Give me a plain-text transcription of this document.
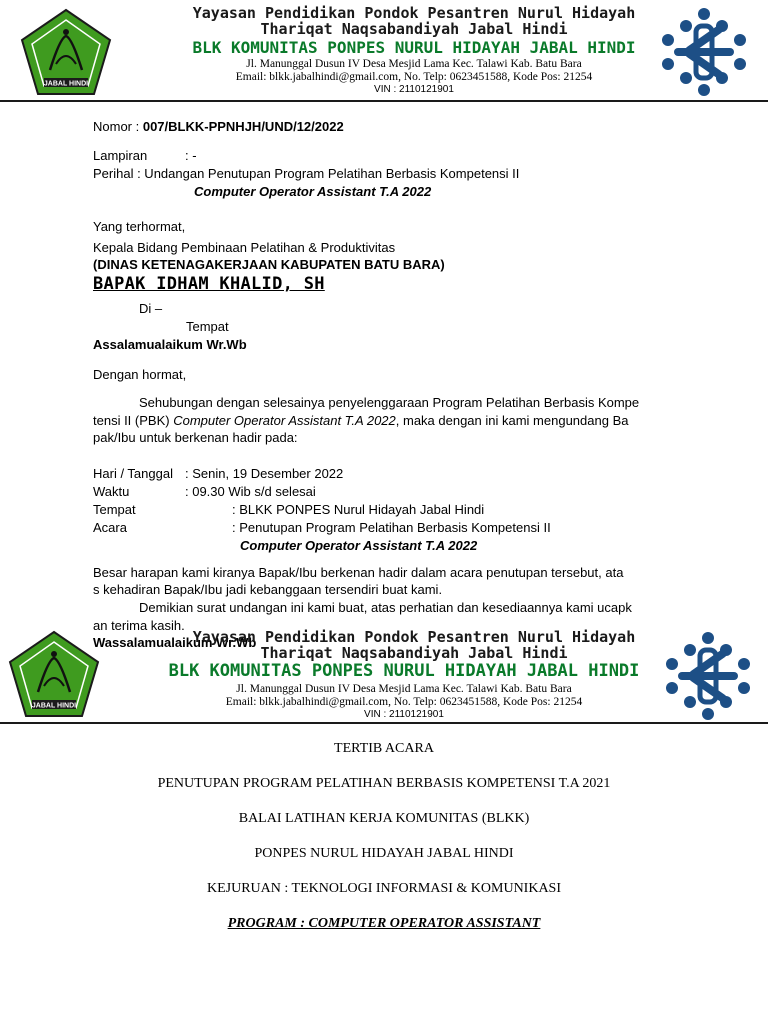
JABAL HINDI
Yayasan Pendidikan Pondok Pesantren Nurul Hidayah
Thariqat Naqsabandiyah Jabal Hindi
BLK KOMUNITAS PONPES NURUL HIDAYAH JABAL HINDI
Jl. Manunggal Dusun IV Desa Mesjid Lama Kec. Talawi Kab. Batu Bara
Email: blkk.jabalhindi@gmail.com, No. Telp: 0623451588, Kode Pos: 21254
VIN : 2110121901
Nomor : 007/BLKK-PPNHJH/UND/12/2022
Lampiran	: -
Perihal : Undangan Penutupan Program Pelatihan Berbasis Kompetensi II
Computer Operator Assistant T.A 2022
Yang terhormat,
Kepala Bidang Pembinaan Pelatihan & Produktivitas
(DINAS KETENAGAKERJAAN KABUPATEN BATU BARA)
BAPAK IDHAM KHALID, SH
Di –
Tempat
Assalamualaikum Wr.Wb
Dengan hormat,
Sehubungan dengan selesainya penyelenggaraan Program Pelatihan Berbasis Kompe
tensi II (PBK) Computer Operator Assistant T.A 2022, maka dengan ini kami mengundang Ba
pak/Ibu untuk berkenan hadir pada:
Hari / Tanggal : Senin, 19 Desember 2022
Waktu	: 09.30 Wib s/d selesai
Tempat	: BLKK PONPES Nurul Hidayah Jabal Hindi
Acara	: Penutupan Program Pelatihan Berbasis Kompetensi II
Computer Operator Assistant T.A 2022
Besar harapan kami kiranya Bapak/Ibu berkenan hadir dalam acara penutupan tersebut, ata
s kehadiran Bapak/Ibu jadi kebanggaan tersendiri buat kami.
Demikian surat undangan ini kami buat, atas perhatian dan kesediaannya kami ucapk
an terima kasih.
Wassalamualaikum Wr.Wb
JABAL HINDI
Yayasan Pendidikan Pondok Pesantren Nurul Hidayah
Thariqat Naqsabandiyah Jabal Hindi
BLK KOMUNITAS PONPES NURUL HIDAYAH JABAL HINDI
Jl. Manunggal Dusun IV Desa Mesjid Lama Kec. Talawi Kab. Batu Bara
Email: blkk.jabalhindi@gmail.com, No. Telp: 0623451588, Kode Pos: 21254
VIN : 2110121901
TERTIB ACARA
PENUTUPAN PROGRAM PELATIHAN BERBASIS KOMPETENSI T.A 2021
BALAI LATIHAN KERJA KOMUNITAS (BLKK)
PONPES NURUL HIDAYAH JABAL HINDI
KEJURUAN : TEKNOLOGI INFORMASI & KOMUNIKASI
PROGRAM : COMPUTER OPERATOR ASSISTANT
